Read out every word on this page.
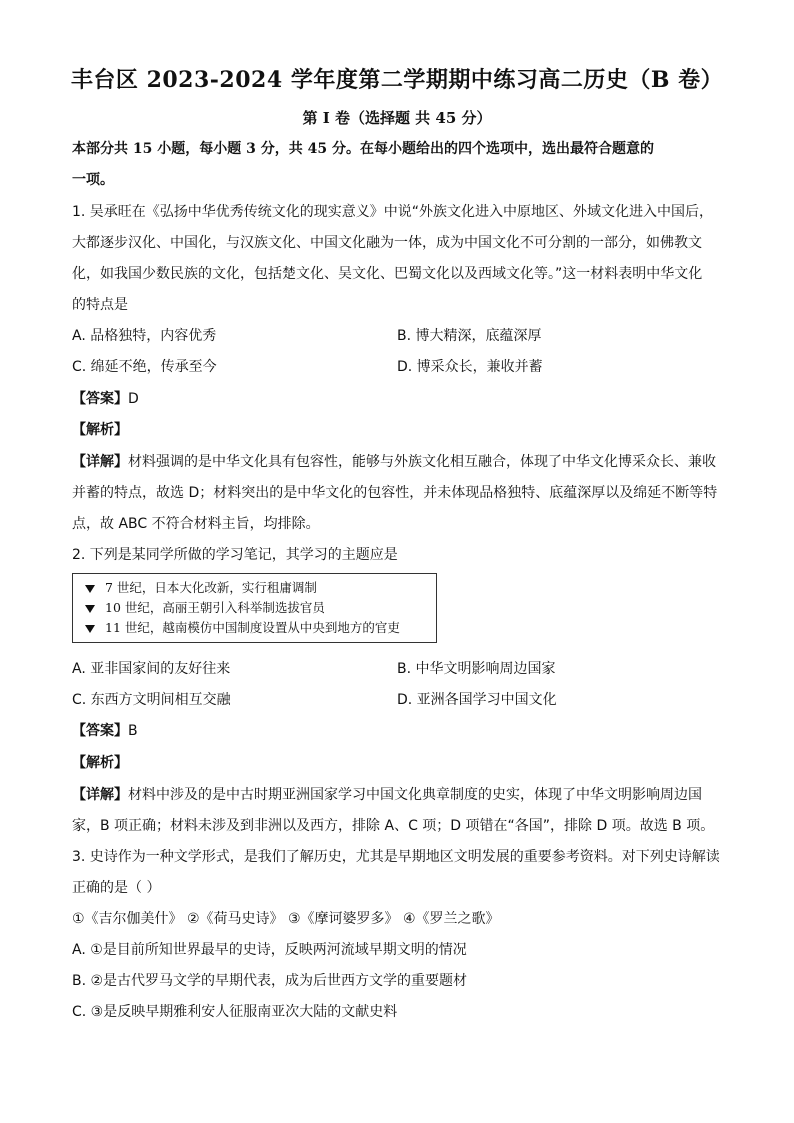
丰台区 2023-2024 学年度第二学期期中练习高二历史（B 卷）
第 I 卷（选择题 共 45 分）
本部分共 15 小题，每小题 3 分，共 45 分。在每小题给出的四个选项中，选出最符合题意的
一项。
1. 吴承旺在《弘扬中华优秀传统文化的现实意义》中说“外族文化进入中原地区、外域文化进入中国后，
大都逐步汉化、中国化，与汉族文化、中国文化融为一体，成为中国文化不可分割的一部分，如佛教文
化，如我国少数民族的文化，包括楚文化、吴文化、巴蜀文化以及西域文化等。”这一材料表明中华文化
的特点是
A. 品格独特，内容优秀	B. 博大精深，底蕴深厚
C. 绵延不绝，传承至今	D. 博采众长，兼收并蓄
【答案】D
【解析】
【详解】材料强调的是中华文化具有包容性，能够与外族文化相互融合，体现了中华文化博采众长、兼收
并蓄的特点，故选 D；材料突出的是中华文化的包容性，并未体现品格独特、底蕴深厚以及绵延不断等特
点，故 ABC 不符合材料主旨，均排除。
2. 下列是某同学所做的学习笔记，其学习的主题应是
7 世纪，日本大化改新，实行租庸调制
10 世纪，高丽王朝引入科举制选拔官员
11 世纪，越南模仿中国制度设置从中央到地方的官吏
A. 亚非国家间的友好往来	B. 中华文明影响周边国家
C. 东西方文明间相互交融	D. 亚洲各国学习中国文化
【答案】B
【解析】
【详解】材料中涉及的是中古时期亚洲国家学习中国文化典章制度的史实，体现了中华文明影响周边国
家，B 项正确；材料未涉及到非洲以及西方，排除 A、C 项；D 项错在“各国”，排除 D 项。故选 B 项。
3. 史诗作为一种文学形式，是我们了解历史，尤其是早期地区文明发展的重要参考资料。对下列史诗解读
正确的是（ ）
①《吉尔伽美什》 ②《荷马史诗》 ③《摩诃婆罗多》 ④《罗兰之歌》
A. ①是目前所知世界最早的史诗，反映两河流域早期文明的情况
B. ②是古代罗马文学的早期代表，成为后世西方文学的重要题材
C. ③是反映早期雅利安人征服南亚次大陆的文献史料
